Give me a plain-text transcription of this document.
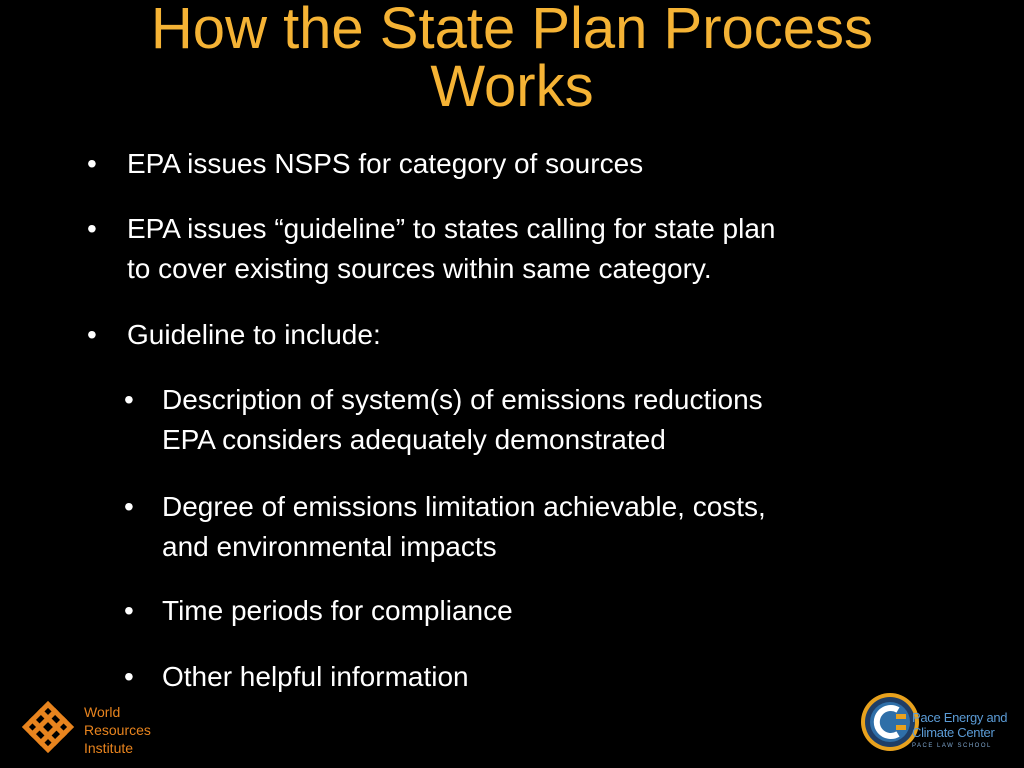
How the State Plan Process
Works
• EPA issues NSPS for category of sources
• EPA issues “guideline” to states calling for state plan
to cover existing sources within same category.
• Guideline to include:
• Description of system(s) of emissions reductions
EPA considers adequately demonstrated
• Degree of emissions limitation achievable, costs,
and environmental impacts
• Time periods for compliance
• Other helpful information
World
Resources
Institute
Pace Energy and
Climate Center
PACE LAW SCHOOL
